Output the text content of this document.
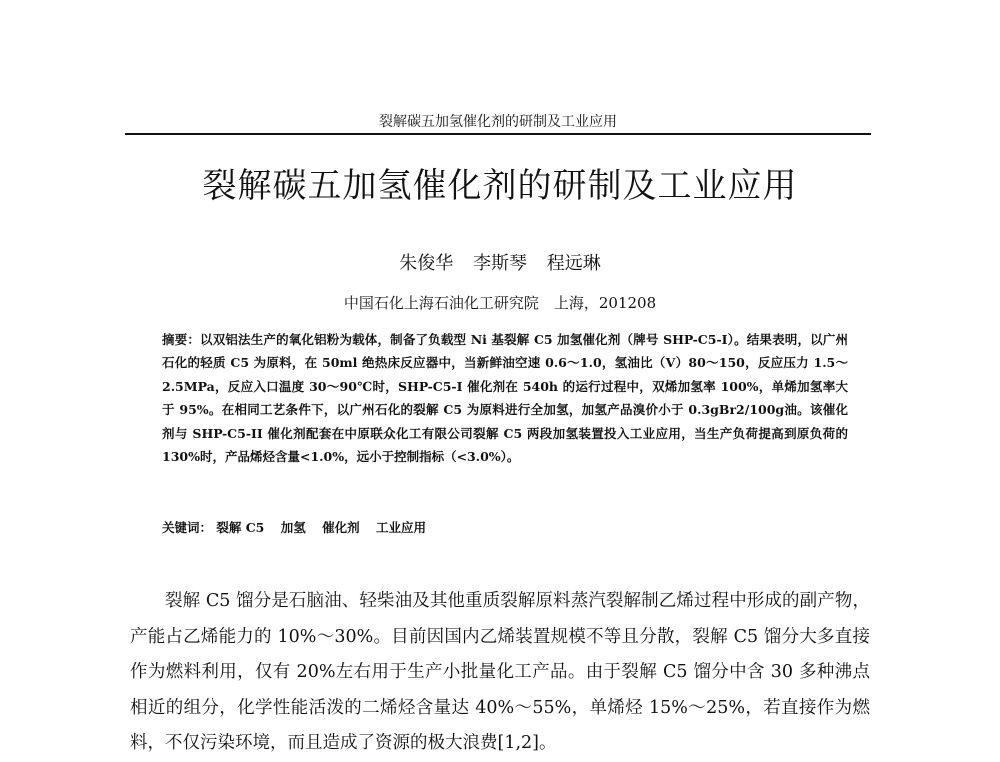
裂解碳五加氢催化剂的研制及工业应用
裂解碳五加氢催化剂的研制及工业应用
朱俊华 李斯琴 程远琳
中国石化上海石油化工研究院　上海，201208
摘要：以双铝法生产的氧化铝粉为载体，制备了负载型 Ni 基裂解 C5 加氢催化剂（牌号 SHP-C5-I）。结果表明，以广州石化的轻质 C5 为原料，在 50ml 绝热床反应器中，当新鲜油空速 0.6～1.0，氢油比（V）80～150，反应压力 1.5～2.5MPa，反应入口温度 30～90℃时，SHP-C5-I 催化剂在 540h 的运行过程中，双烯加氢率 100%，单烯加氢率大于 95%。在相同工艺条件下，以广州石化的裂解 C5 为原料进行全加氢，加氢产品溴价小于 0.3gBr2/100g油。该催化剂与 SHP-C5-II 催化剂配套在中原联众化工有限公司裂解 C5 两段加氢装置投入工业应用，当生产负荷提高到原负荷的 130%时，产品烯烃含量<1.0%，远小于控制指标（<3.0%）。
关键词： 裂解 C5 加氢 催化剂 工业应用
裂解 C5 馏分是石脑油、轻柴油及其他重质裂解原料蒸汽裂解制乙烯过程中形成的副产物，产能占乙烯能力的 10%～30%。目前因国内乙烯装置规模不等且分散，裂解 C5 馏分大多直接作为燃料利用，仅有 20%左右用于生产小批量化工产品。由于裂解 C5 馏分中含 30 多种沸点相近的组分，化学性能活泼的二烯烃含量达 40%～55%，单烯烃 15%～25%，若直接作为燃料，不仅污染环境，而且造成了资源的极大浪费[1,2]。
